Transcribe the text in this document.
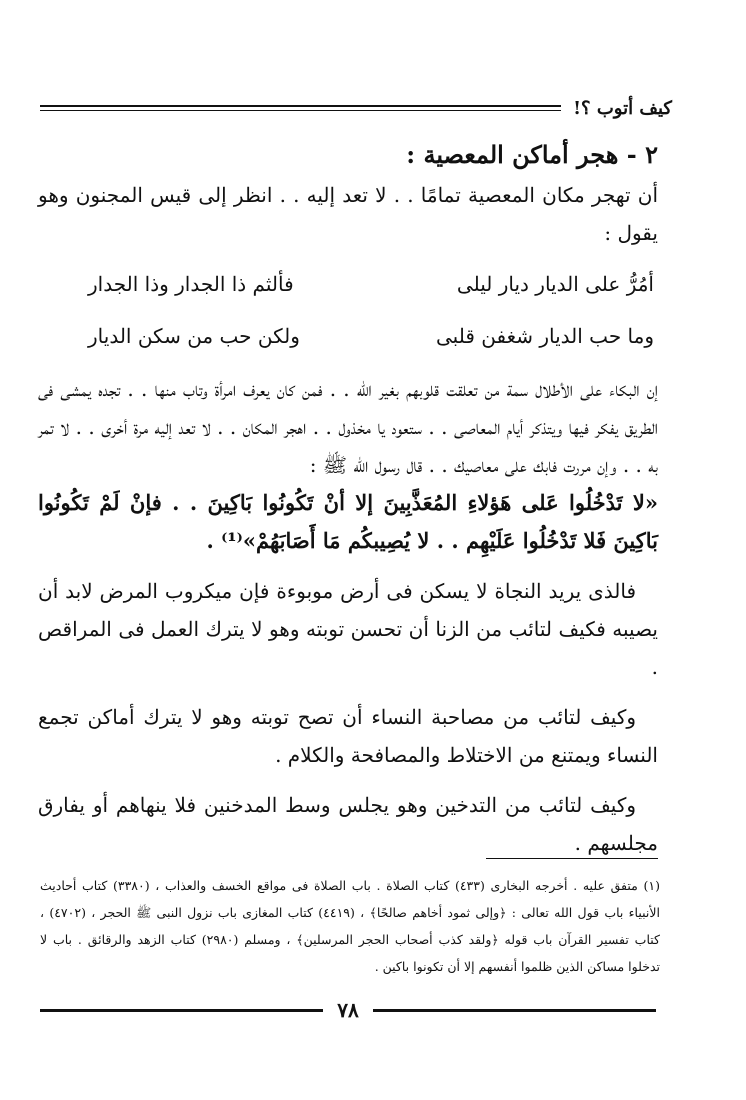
كيف أتوب ؟!
٢ - هجر أماكن المعصية :

أن تهجر مكان المعصية تمامًا . . لا تعد إليه . . انظر إلى قيس المجنون وهو يقول :

أمُرُّ على الديار ديار ليلى
فألثم ذا الجدار وذا الجدار
وما حب الديار شغفن قلبى
ولكن حب من سكن الديار

إن البكاء على الأطلال سمة من تعلقت قلوبهم بغير الله . . فمن كان يعرف امرأة وتاب منها . . تجده يمشى فى الطريق يفكر فيها ويتذكر أيام المعاصى . . ستعود يا مخذول . . اهجر المكان . . لا تعد إليه مرة أخرى . . لا تمر به . . وإن مررت فابك على معاصيك . . قال رسول الله ﷺ :

«لا تَدْخُلُوا عَلى هَؤلاءِ المُعَذَّبِينَ إلا أنْ تَكُونُوا بَاكِينَ . . فإنْ لَمْ تَكُونُوا بَاكِينَ فَلا تَدْخُلُوا عَلَيْهِم . . لا يُصِيبكُم مَا أَصَابَهُمْ»⁽¹⁾ .

فالذى يريد النجاة لا يسكن فى أرض موبوءة فإن ميكروب المرض لابد أن يصيبه فكيف لتائب من الزنا أن تحسن توبته وهو لا يترك العمل فى المراقص .

وكيف لتائب من مصاحبة النساء أن تصح توبته وهو لا يترك أماكن تجمع النساء ويمتنع من الاختلاط والمصافحة والكلام .

وكيف لتائب من التدخين وهو يجلس وسط المدخنين فلا ينهاهم أو يفارق مجلسهم .

(١) متفق عليه . أخرجه البخارى (٤٣٣) كتاب الصلاة . باب الصلاة فى مواقع الخسف والعذاب ، (٣٣٨٠) كتاب أحاديث الأنبياء باب قول الله تعالى : ﴿وإلى ثمود أخاهم صالحًا﴾ ، (٤٤١٩) كتاب المغازى باب نزول النبى ﷺ الحجر ، (٤٧٠٢) ، كتاب تفسير القرآن باب قوله ﴿ولقد كذب أصحاب الحجر المرسلين﴾ ، ومسلم (٢٩٨٠) كتاب الزهد والرقائق . باب لا تدخلوا مساكن الذين ظلموا أنفسهم إلا أن تكونوا باكين .
٧٨
